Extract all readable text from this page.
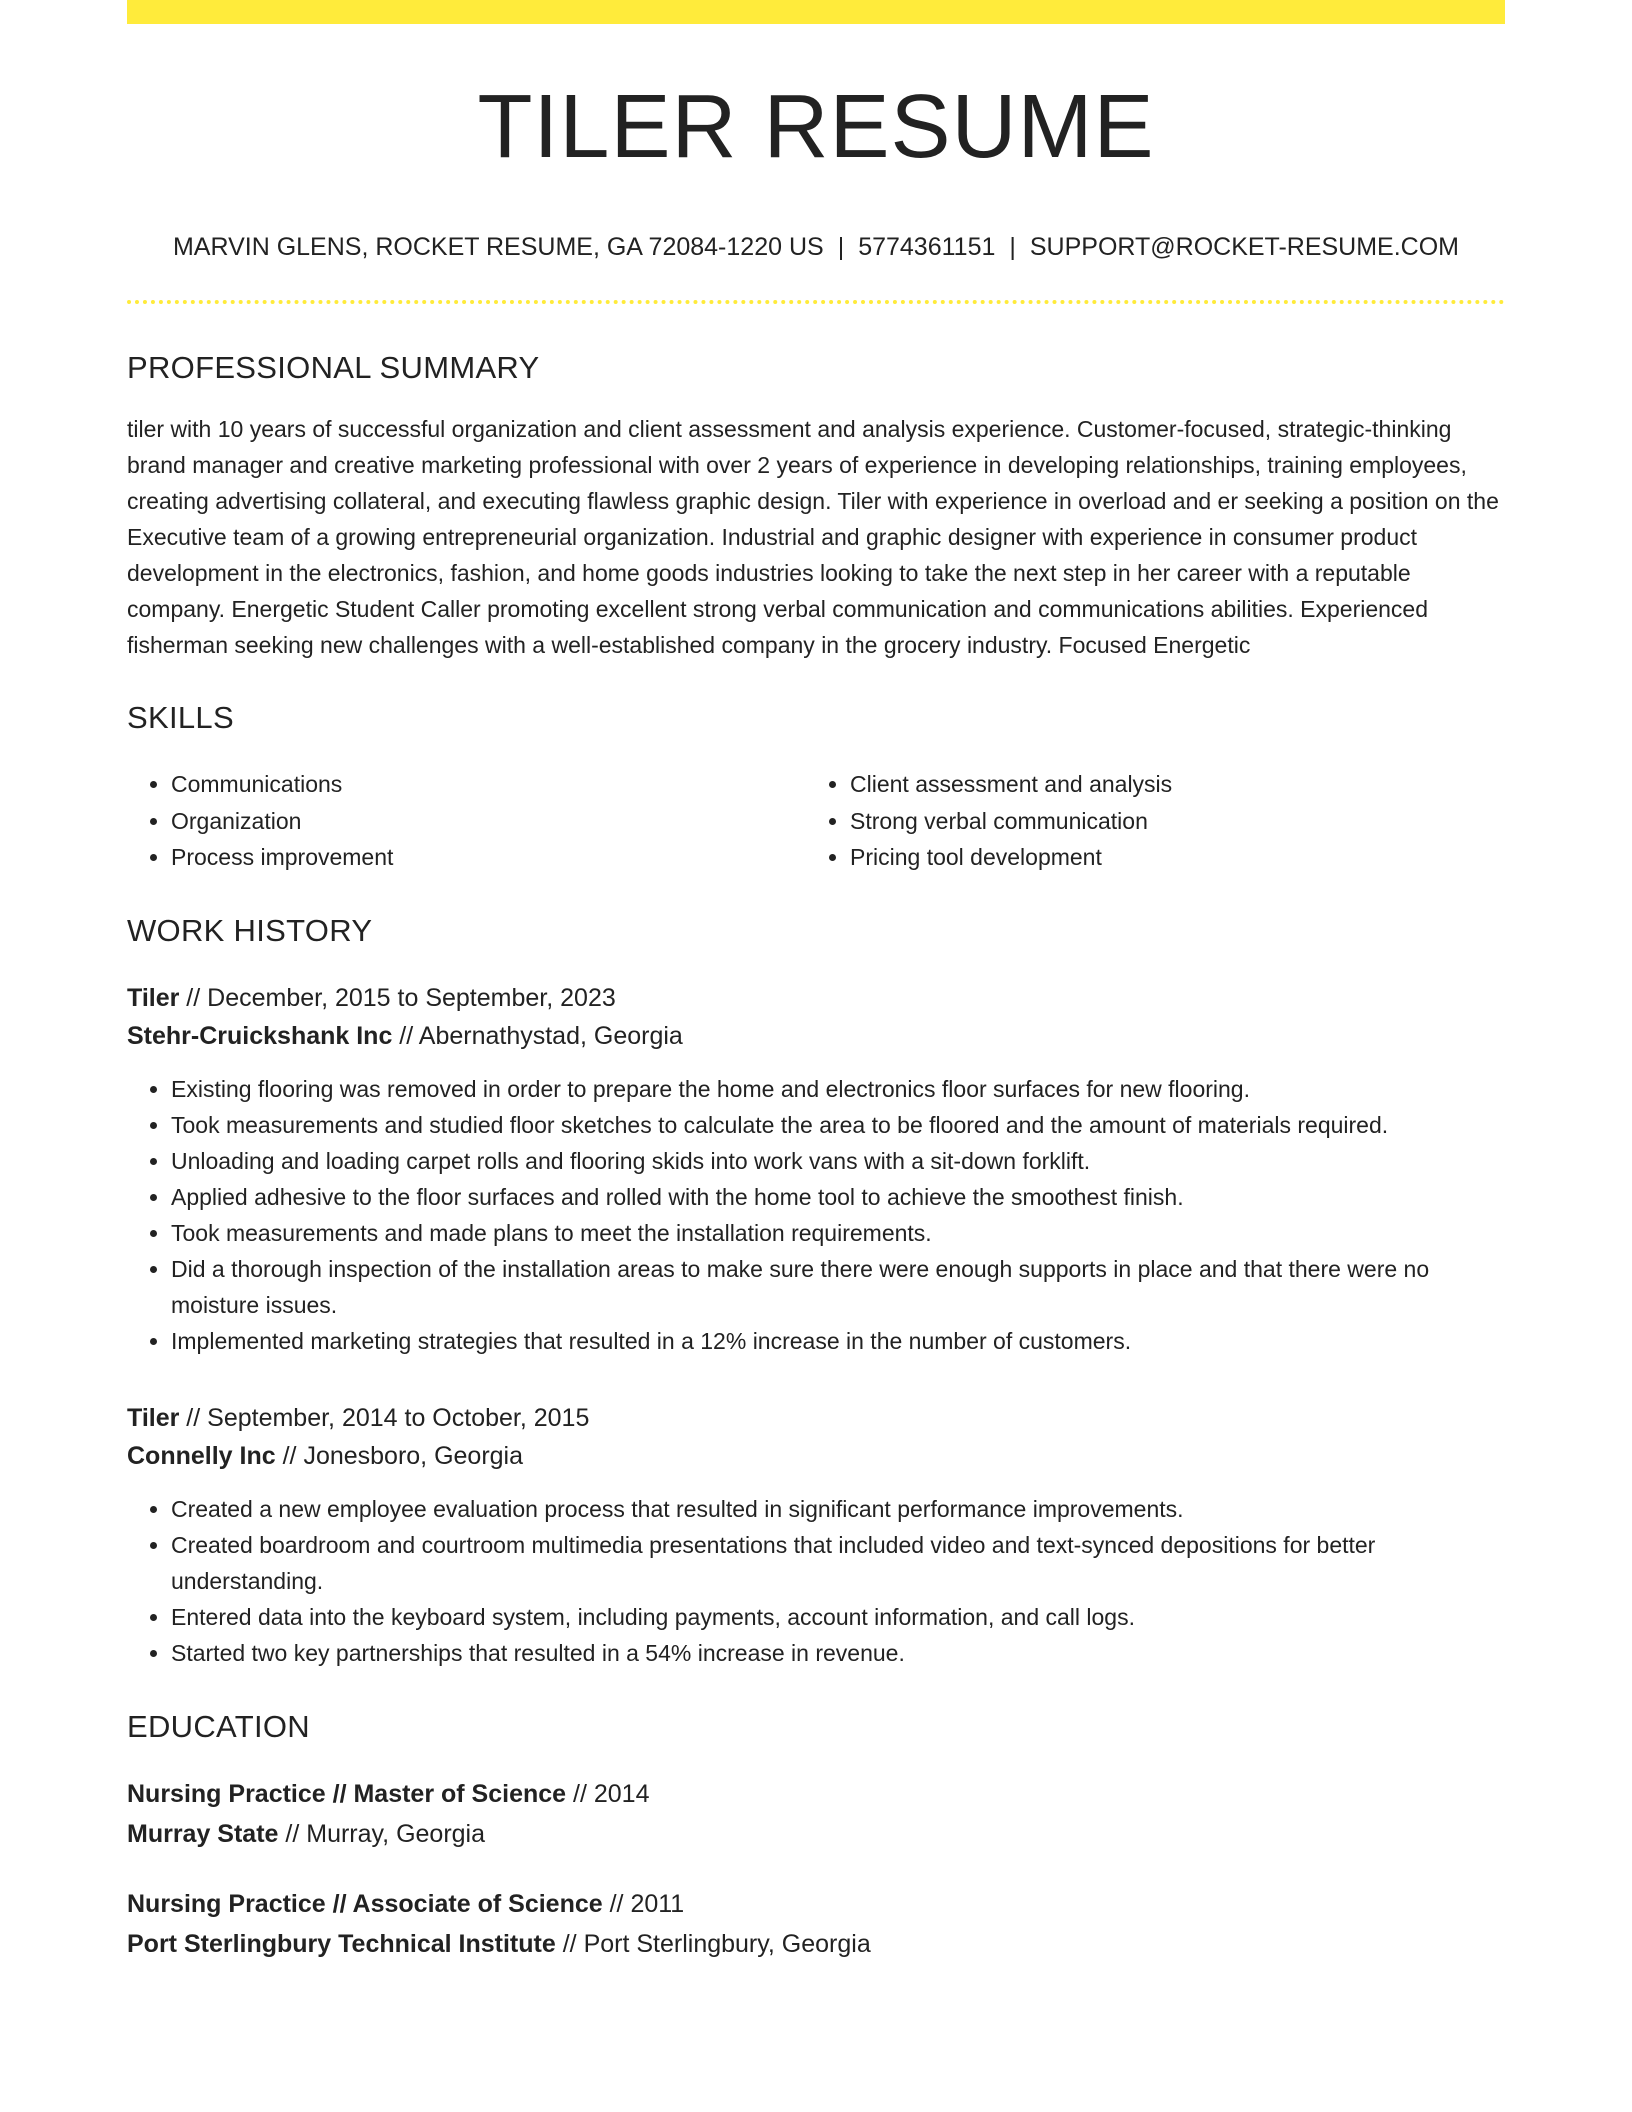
TILER RESUME
MARVIN GLENS, ROCKET RESUME, GA 72084-1220 US | 5774361151 | SUPPORT@ROCKET-RESUME.COM
PROFESSIONAL SUMMARY

tiler with 10 years of successful organization and client assessment and analysis experience. Customer-focused, strategic-thinking brand manager and creative marketing professional with over 2 years of experience in developing relationships, training employees, creating advertising collateral, and executing flawless graphic design. Tiler with experience in overload and er seeking a position on the Executive team of a growing entrepreneurial organization. Industrial and graphic designer with experience in consumer product development in the electronics, fashion, and home goods industries looking to take the next step in her career with a reputable company. Energetic Student Caller promoting excellent strong verbal communication and communications abilities. Experienced fisherman seeking new challenges with a well-established company in the grocery industry. Focused Energetic

SKILLS
• Communications
• Organization
• Process improvement
• Client assessment and analysis
• Strong verbal communication
• Pricing tool development
WORK HISTORY
Tiler // December, 2015 to September, 2023
Stehr-Cruickshank Inc // Abernathystad, Georgia
• Existing flooring was removed in order to prepare the home and electronics floor surfaces for new flooring.
• Took measurements and studied floor sketches to calculate the area to be floored and the amount of materials required.
• Unloading and loading carpet rolls and flooring skids into work vans with a sit-down forklift.
• Applied adhesive to the floor surfaces and rolled with the home tool to achieve the smoothest finish.
• Took measurements and made plans to meet the installation requirements.
• Did a thorough inspection of the installation areas to make sure there were enough supports in place and that there were no moisture issues.
• Implemented marketing strategies that resulted in a 12% increase in the number of customers.
Tiler // September, 2014 to October, 2015
Connelly Inc // Jonesboro, Georgia
• Created a new employee evaluation process that resulted in significant performance improvements.
• Created boardroom and courtroom multimedia presentations that included video and text-synced depositions for better understanding.
• Entered data into the keyboard system, including payments, account information, and call logs.
• Started two key partnerships that resulted in a 54% increase in revenue.
EDUCATION
Nursing Practice // Master of Science // 2014
Murray State // Murray, Georgia
Nursing Practice // Associate of Science // 2011
Port Sterlingbury Technical Institute // Port Sterlingbury, Georgia
